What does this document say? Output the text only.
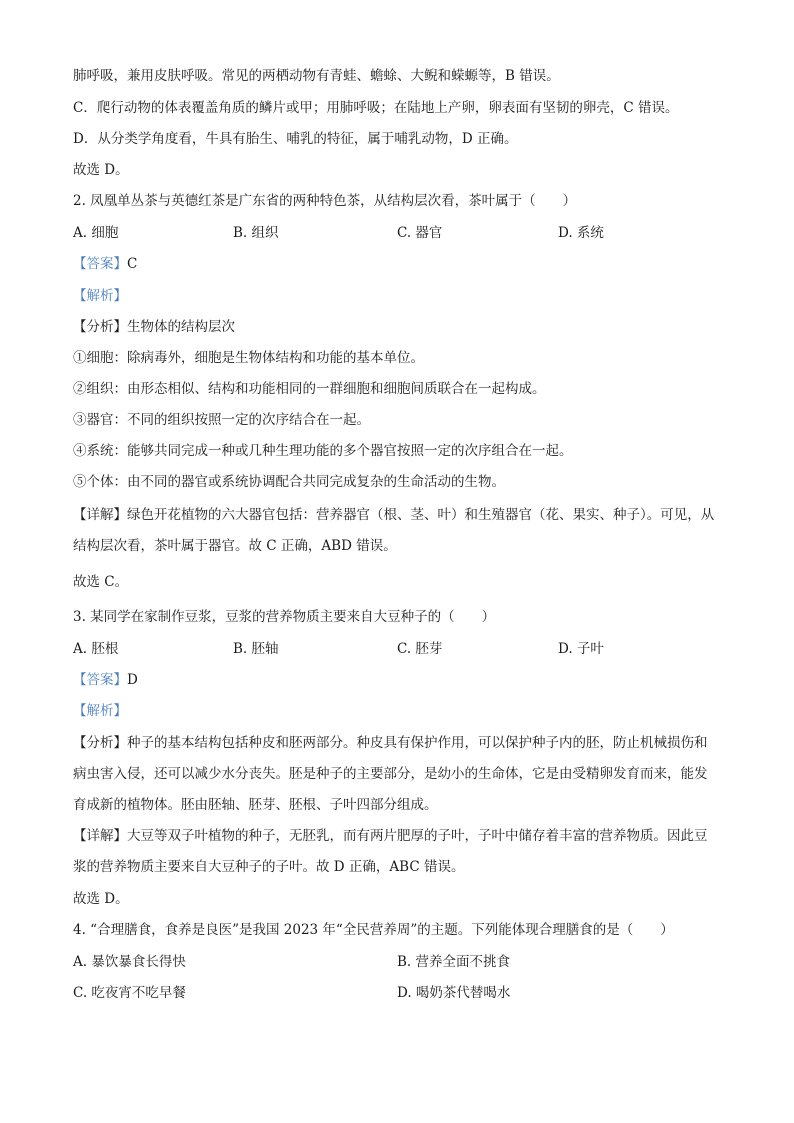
肺呼吸，兼用皮肤呼吸。常见的两栖动物有青蛙、蟾蜍、大鲵和蝾螈等，B 错误。
C．爬行动物的体表覆盖角质的鳞片或甲；用肺呼吸；在陆地上产卵，卵表面有坚韧的卵壳，C 错误。
D．从分类学角度看，牛具有胎生、哺乳的特征，属于哺乳动物，D 正确。
故选 D。
2. 凤凰单丛茶与英德红茶是广东省的两种特色茶，从结构层次看，茶叶属于（　　）
A. 细胞	B. 组织	C. 器官	D. 系统
【答案】C
【解析】
【分析】生物体的结构层次
①细胞：除病毒外，细胞是生物体结构和功能的基本单位。
②组织：由形态相似、结构和功能相同的一群细胞和细胞间质联合在一起构成。
③器官：不同的组织按照一定的次序结合在一起。
④系统：能够共同完成一种或几种生理功能的多个器官按照一定的次序组合在一起。
⑤个体：由不同的器官或系统协调配合共同完成复杂的生命活动的生物。
【详解】绿色开花植物的六大器官包括：营养器官（根、茎、叶）和生殖器官（花、果实、种子）。可见，从结构层次看，茶叶属于器官。故 C 正确，ABD 错误。
故选 C。
3. 某同学在家制作豆浆，豆浆的营养物质主要来自大豆种子的（　　）
A. 胚根	B. 胚轴	C. 胚芽	D. 子叶
【答案】D
【解析】
【分析】种子的基本结构包括种皮和胚两部分。种皮具有保护作用，可以保护种子内的胚，防止机械损伤和病虫害入侵，还可以减少水分丧失。胚是种子的主要部分，是幼小的生命体，它是由受精卵发育而来，能发育成新的植物体。胚由胚轴、胚芽、胚根、子叶四部分组成。
【详解】大豆等双子叶植物的种子，无胚乳，而有两片肥厚的子叶，子叶中储存着丰富的营养物质。因此豆浆的营养物质主要来自大豆种子的子叶。故 D 正确，ABC 错误。
故选 D。
4. “合理膳食，食养是良医”是我国 2023 年“全民营养周”的主题。下列能体现合理膳食的是（　　）
A. 暴饮暴食长得快	B. 营养全面不挑食
C. 吃夜宵不吃早餐	D. 喝奶茶代替喝水
